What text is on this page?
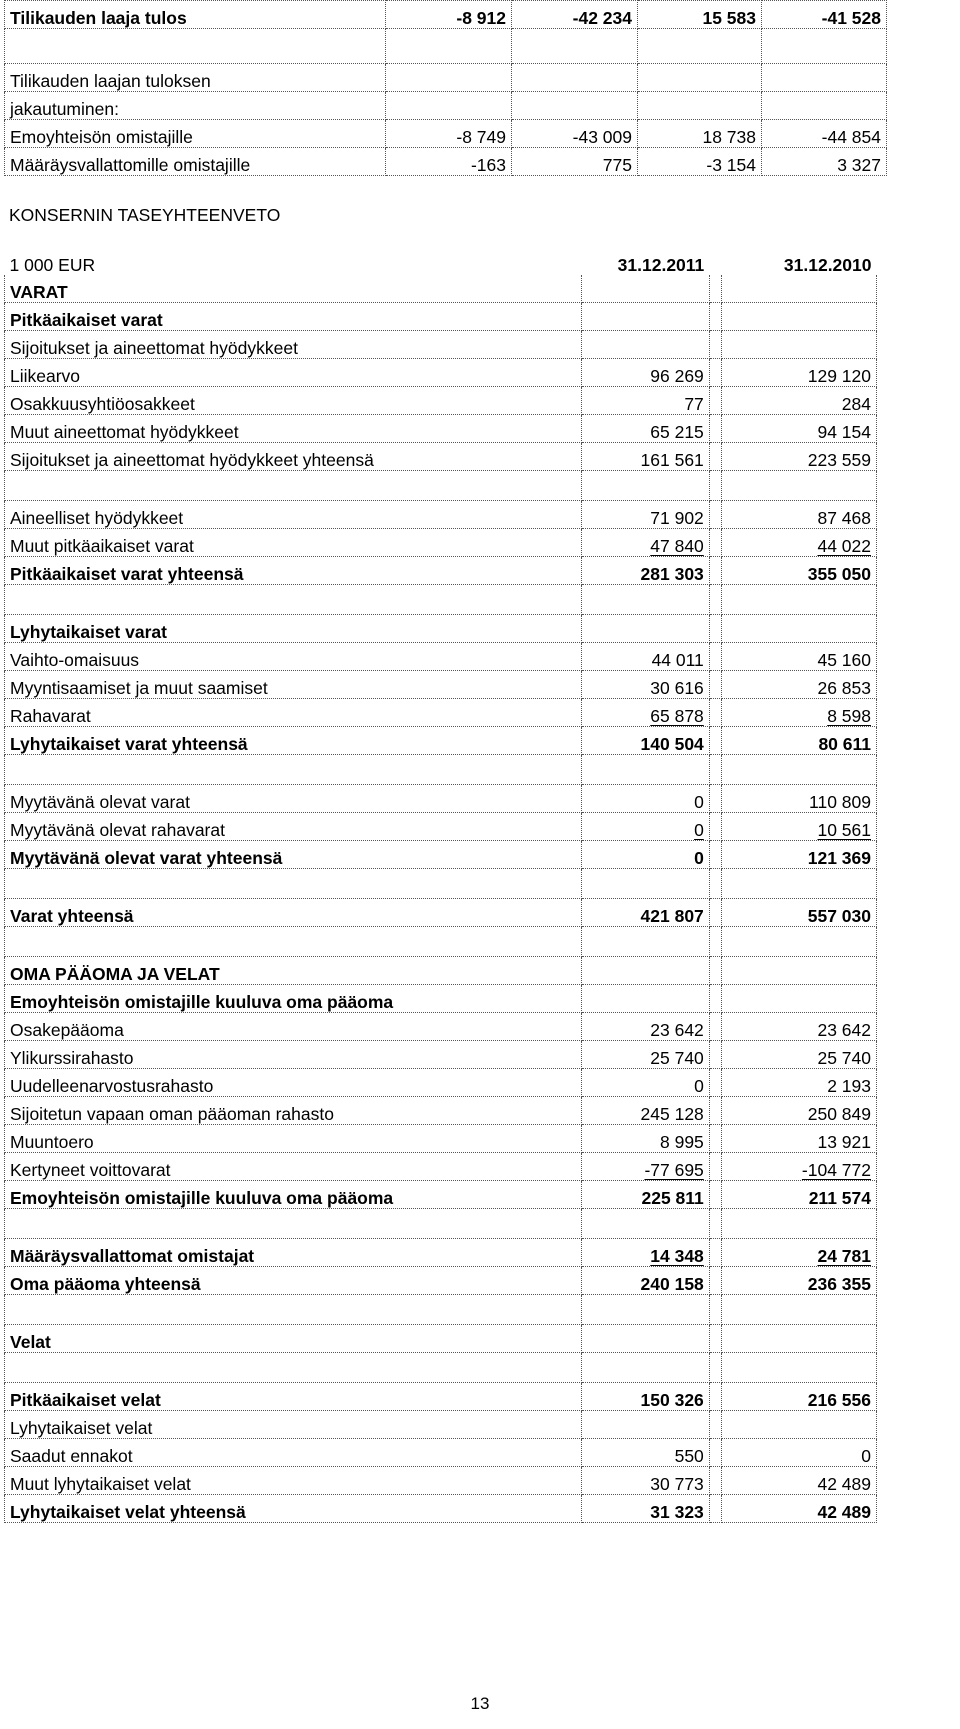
Tilikauden laaja tulos	-8 912	-42 234	15 583	-41 528

Tilikauden laajan tuloksen				
jakautuminen:				
Emoyhteisön omistajille	-8 749	-43 009	18 738	-44 854
Määräysvallattomille omistajille	-163	775	-3 154	3 327
KONSERNIN TASEYHTEENVETO
1 000 EUR	31.12.2011		31.12.2010
VARAT			
Pitkäaikaiset varat			
Sijoitukset ja aineettomat hyödykkeet			
Liikearvo	96 269		129 120
Osakkuusyhtiöosakkeet	77		284
Muut aineettomat hyödykkeet	65 215		94 154
Sijoitukset ja aineettomat hyödykkeet yhteensä	161 561		223 559

Aineelliset hyödykkeet	71 902		87 468
Muut pitkäaikaiset varat	47 840		44 022
Pitkäaikaiset varat yhteensä	281 303		355 050

Lyhytaikaiset varat			
Vaihto-omaisuus	44 011		45 160
Myyntisaamiset ja muut saamiset	30 616		26 853
Rahavarat	65 878		8 598
Lyhytaikaiset varat yhteensä	140 504		80 611

Myytävänä olevat varat	0		110 809
Myytävänä olevat rahavarat	0		10 561
Myytävänä olevat varat yhteensä	0		121 369

Varat yhteensä	421 807		557 030

OMA PÄÄOMA JA VELAT			
Emoyhteisön omistajille kuuluva oma pääoma			
Osakepääoma	23 642		23 642
Ylikurssirahasto	25 740		25 740
Uudelleenarvostusrahasto	0		2 193
Sijoitetun vapaan oman pääoman rahasto	245 128		250 849
Muuntoero	8 995		13 921
Kertyneet voittovarat	-77 695		-104 772
Emoyhteisön omistajille kuuluva oma pääoma	225 811		211 574

Määräysvallattomat omistajat	14 348		24 781
Oma pääoma yhteensä	240 158		236 355

Velat			

Pitkäaikaiset velat	150 326		216 556
Lyhytaikaiset velat			
Saadut ennakot	550		0
Muut lyhytaikaiset velat	30 773		42 489
Lyhytaikaiset velat yhteensä	31 323		42 489
13
